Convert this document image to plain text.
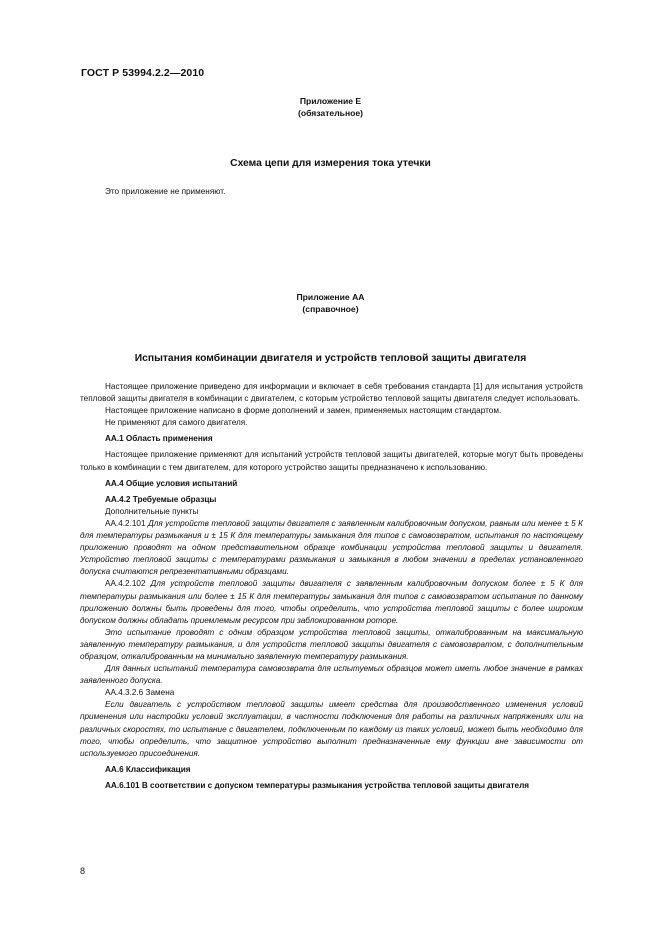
ГОСТ Р 53994.2.2—2010
Приложение Е
(обязательное)
Схема цепи для измерения тока утечки

Это приложение не применяют.

Приложение АА
(справочное)
Испытания комбинации двигателя и устройств тепловой защиты двигателя

Настоящее приложение приведено для информации и включает в себя требования стандарта [1] для испытания устройств тепловой защиты двигателя в комбинации с двигателем, с которым устройство тепловой защиты двигателя следует использовать.

Настоящее приложение написано в форме дополнений и замен, применяемых настоящим стандартом.

Не применяют для самого двигателя.

АА.1 Область применения

Настоящее приложение применяют для испытаний устройств тепловой защиты двигателей, которые могут быть проведены только в комбинации с тем двигателем, для которого устройство защиты предназначено к использованию.

АА.4 Общие условия испытаний

АА.4.2 Требуемые образцы

Дополнительные пункты

АА.4.2.101 Для устройств тепловой защиты двигателя с заявленным калибровочным допуском, равным или менее ± 5 К для температуры размыкания и ± 15 К для температуры замыкания для типов с самовозвратом, испытания по настоящему приложению проводят на одном представительном образце комбинации устройства тепловой защиты и двигателя. Устройство тепловой защиты с температурами размыкания и замыкания в любом значении в пределах установленного допуска считаются репрезентативными образцами.

АА.4.2.102 Для устройств тепловой защиты двигателя с заявленным калибровочным допуском более ± 5 К для температуры размыкания или более ± 15 К для температуры замыкания для типов с самовозвратом испытания по данному приложению должны быть проведены для того, чтобы определить, что устройства тепловой защиты с более широким допуском должны обладать приемлемым ресурсом при заблокированном роторе.

Это испытание проводят с одним образцом устройства тепловой защиты, откалиброванным на максимальную заявленную температуру размыкания, и для устройств тепловой защиты двигателя с самовозвратом, с дополнительным образцом, откалиброванным на минимально заявленную температуру размыкания.

Для данных испытаний температура самовозврата для испытуемых образцов может иметь любое значение в рамках заявленного допуска.

АА.4.3.2.6 Замена

Если двигатель с устройством тепловой защиты имеет средства для производственного изменения условий применения или настройки условий эксплуатации, в частности подключения для работы на различных напряжениях или на различных скоростях, то испытание с двигателем, подключенным по каждому из таких условий, может быть необходимо для того, чтобы определить, что защитное устройство выполнит предназначенные ему функции вне зависимости от используемого присоединения.

АА.6 Классификация

АА.6.101 В соответствии с допуском температуры размыкания устройства тепловой защиты двигателя

8
